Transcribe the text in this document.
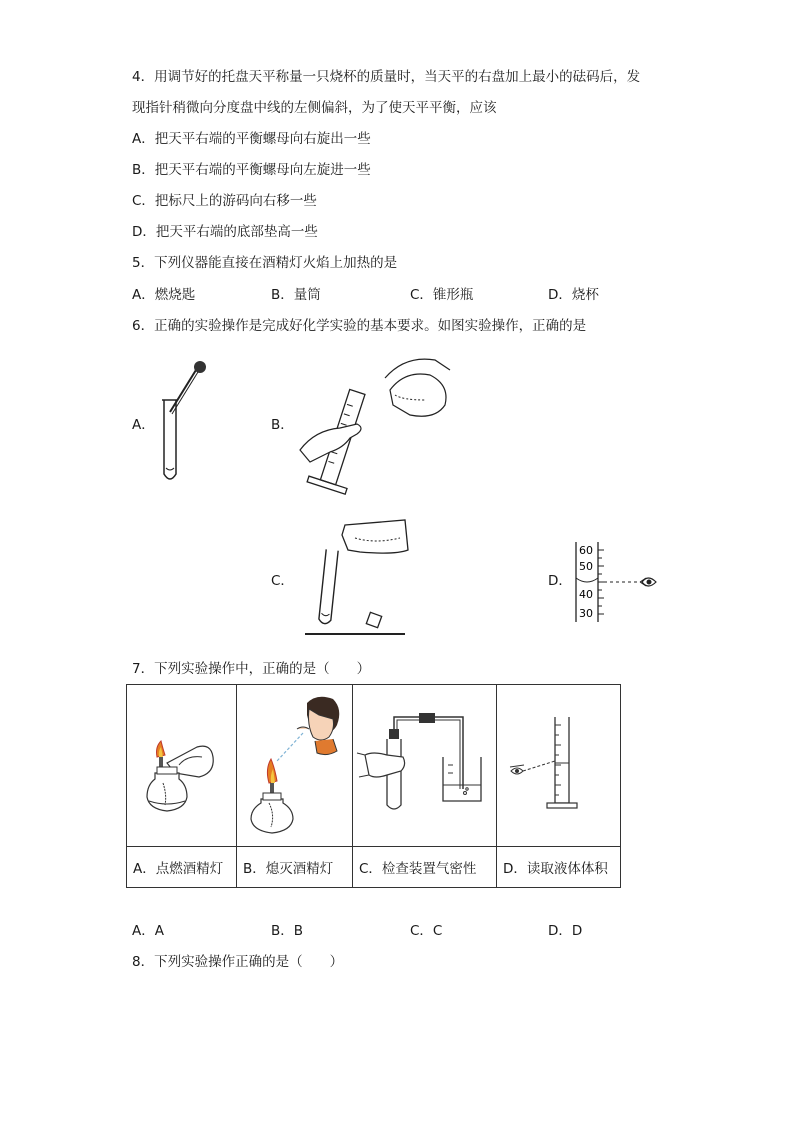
4．用调节好的托盘天平称量一只烧杯的质量时，当天平的右盘加上最小的砝码后，发
现指针稍微向分度盘中线的左侧偏斜，为了使天平平衡，应该
A．把天平右端的平衡螺母向右旋出一些
B．把天平右端的平衡螺母向左旋进一些
C．把标尺上的游码向右移一些
D．把天平右端的底部垫高一些
5．下列仪器能直接在酒精灯火焰上加热的是
A．燃烧匙	B．量筒	C．锥形瓶	D．烧杯
6．正确的实验操作是完成好化学实验的基本要求。如图实验操作，正确的是
A．	B．
C．	D．
60
50
40
30
7．下列实验操作中，正确的是（　　）

A．点燃酒精灯	B．熄灭酒精灯	C．检查装置气密性	D．读取液体体积
A．A	B．B	C．C	D．D
8．下列实验操作正确的是（　　）
